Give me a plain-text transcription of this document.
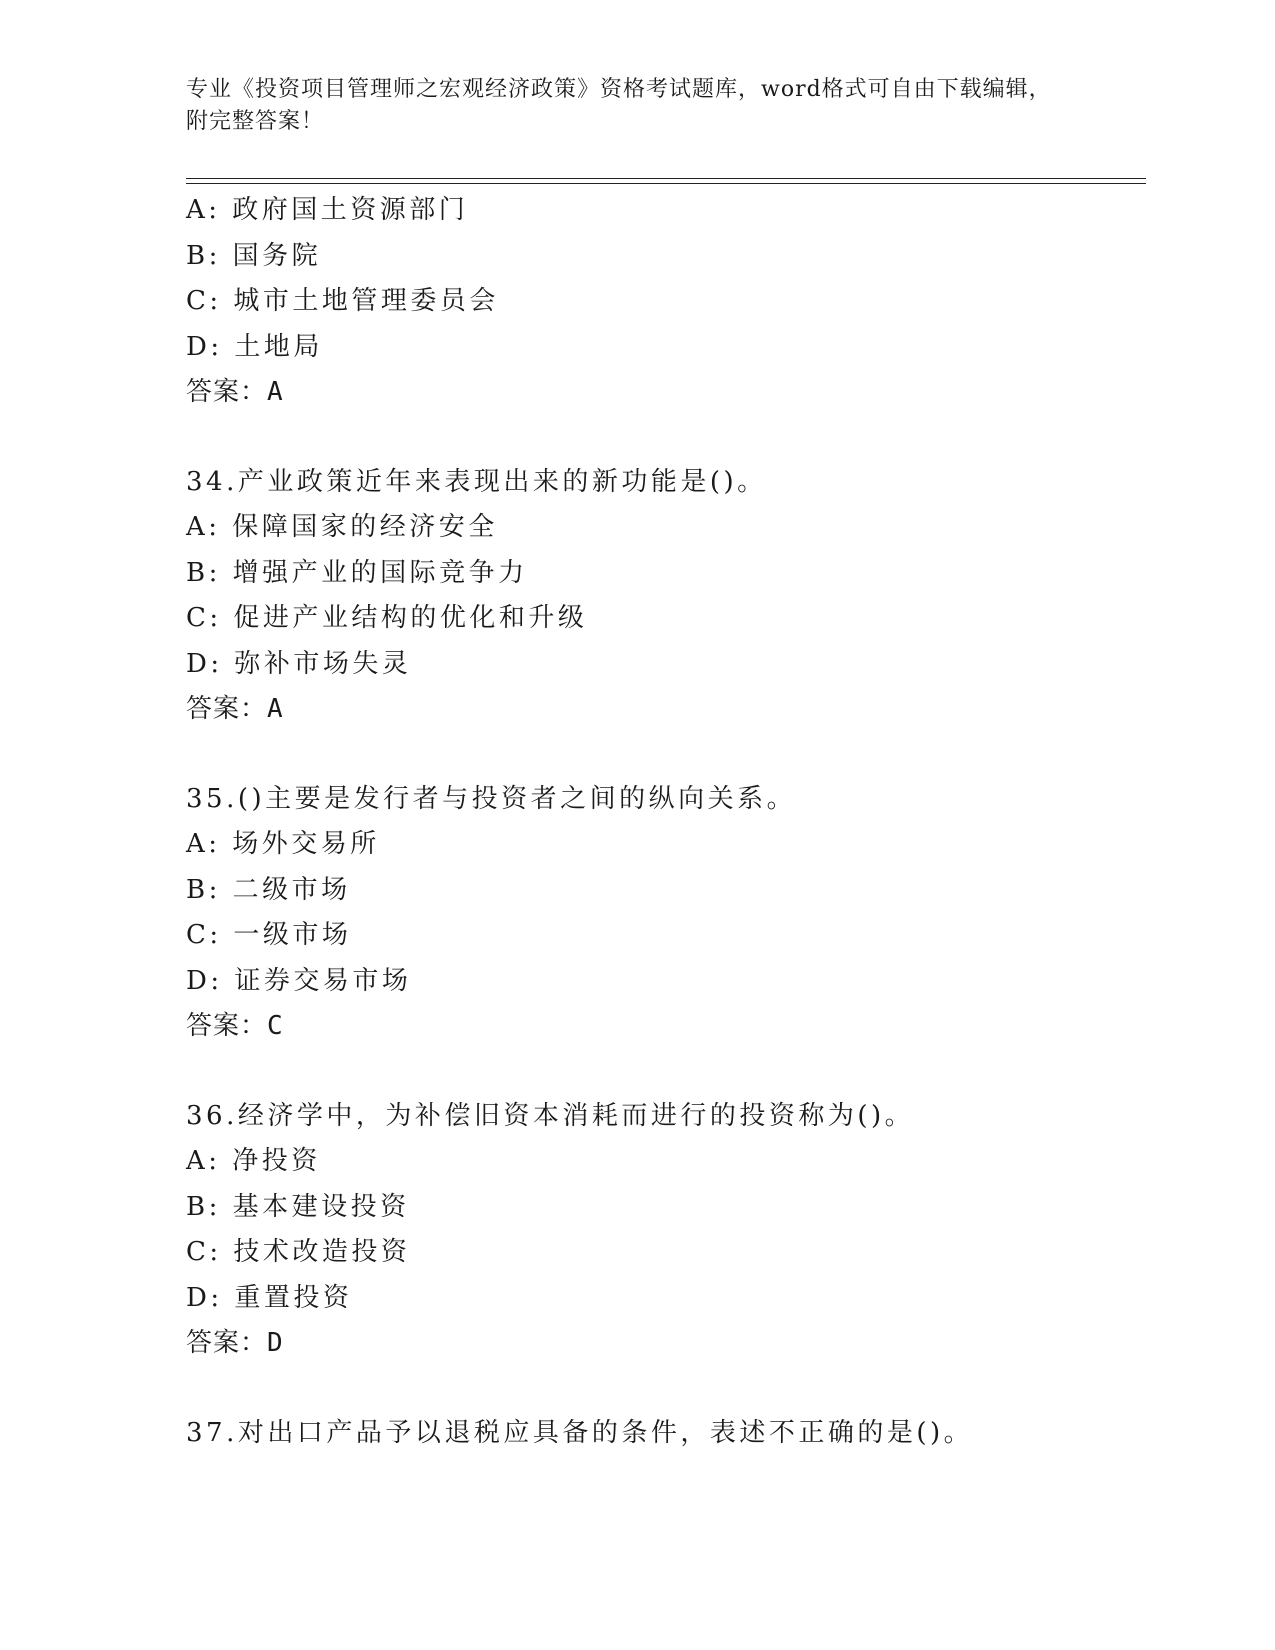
专业《投资项目管理师之宏观经济政策》资格考试题库，word格式可自由下载编辑，附完整答案！
A: 政府国土资源部门
B: 国务院
C: 城市土地管理委员会
D: 土地局
答案：A
34.产业政策近年来表现出来的新功能是()。
A: 保障国家的经济安全
B: 增强产业的国际竞争力
C: 促进产业结构的优化和升级
D: 弥补市场失灵
答案：A
35.()主要是发行者与投资者之间的纵向关系。
A: 场外交易所
B: 二级市场
C: 一级市场
D: 证券交易市场
答案：C
36.经济学中，为补偿旧资本消耗而进行的投资称为()。
A: 净投资
B: 基本建设投资
C: 技术改造投资
D: 重置投资
答案：D
37.对出口产品予以退税应具备的条件，表述不正确的是()。
